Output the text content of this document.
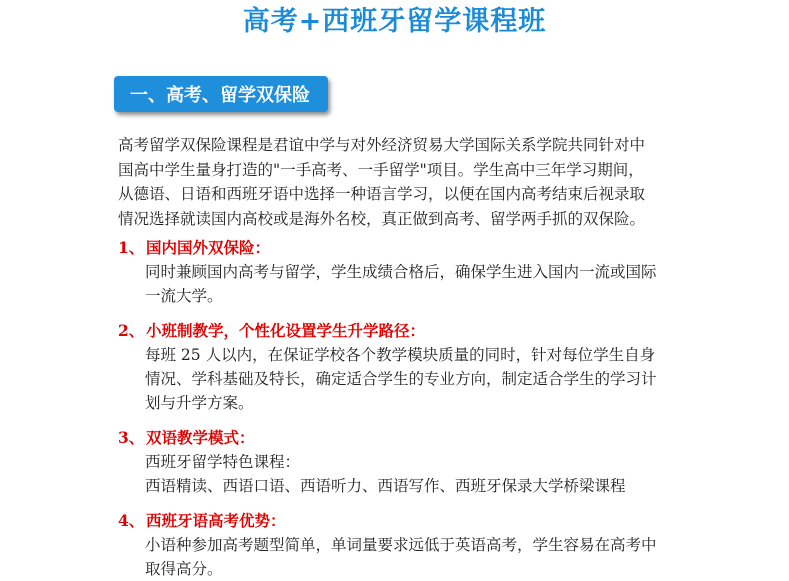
高考+西班牙留学课程班
一、高考、留学双保险

高考留学双保险课程是君谊中学与对外经济贸易大学国际关系学院共同针对中

国高中学生量身打造的"一手高考、一手留学"项目。学生高中三年学习期间，

从德语、日语和西班牙语中选择一种语言学习，以便在国内高考结束后视录取

情况选择就读国内高校或是海外名校，真正做到高考、留学两手抓的双保险。

1、 国内国外双保险：

同时兼顾国内高考与留学，学生成绩合格后，确保学生进入国内一流或国际

一流大学。

2、 小班制教学，个性化设置学生升学路径：

每班 25 人以内，在保证学校各个教学模块质量的同时，针对每位学生自身

情况、学科基础及特长，确定适合学生的专业方向，制定适合学生的学习计

划与升学方案。

3、 双语教学模式：

西班牙留学特色课程：

西语精读、西语口语、西语听力、西语写作、西班牙保录大学桥梁课程

4、 西班牙语高考优势：

小语种参加高考题型简单，单词量要求远低于英语高考，学生容易在高考中

取得高分。
